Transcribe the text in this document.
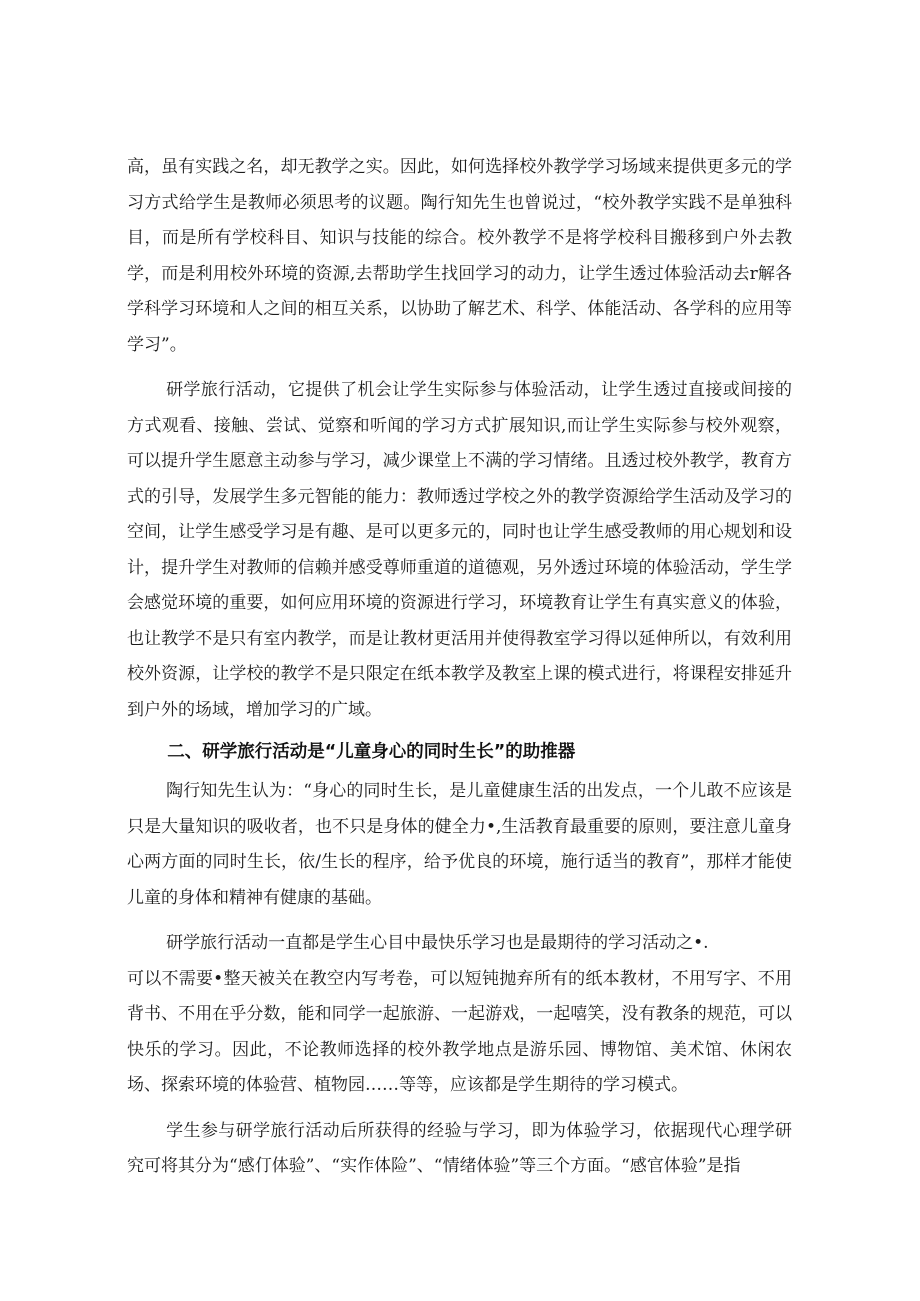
高，虽有实践之名，却无教学之实。因此，如何选择校外教学学习场域来提供更多元的学习方式给学生是教师必须思考的议题。陶行知先生也曾说过，“校外教学实践不是单独科目，而是所有学校科目、知识与技能的综合。校外教学不是将学校科目搬移到户外去教学，而是利用校外环境的资源,去帮助学生找回学习的动力，让学生透过体验活动去r解各学科学习环境和人之间的相互关系，以协助了解艺术、科学、体能活动、各学科的应用等学习”。

研学旅行活动，它提供了机会让学生实际参与体验活动，让学生透过直接或间接的方式观看、接触、尝试、觉察和听闻的学习方式扩展知识,而让学生实际参与校外观察，可以提升学生愿意主动参与学习，减少课堂上不满的学习情绪。且透过校外教学，教育方式的引导，发展学生多元智能的能力：教师透过学校之外的教学资源给学生活动及学习的空间，让学生感受学习是有趣、是可以更多元的，同时也让学生感受教师的用心规划和设计，提升学生对教师的信赖并感受尊师重道的道德观，另外透过环境的体验活动，学生学会感觉环境的重要，如何应用环境的资源进行学习，环境教育让学生有真实意义的体验，也让教学不是只有室内教学，而是让教材更活用并使得教室学习得以延伸所以，有效利用校外资源，让学校的教学不是只限定在纸本教学及教室上课的模式进行，将课程安排延升到户外的场域，增加学习的广域。

二、研学旅行活动是“儿童身心的同时生长”的助推器

陶行知先生认为：“身心的同时生长，是儿童健康生活的出发点，一个儿敢不应该是只是大量知识的吸收者，也不只是身体的健全力•,生活教育最重要的原则，要注意儿童身心两方面的同时生长，依/生长的程序，给予优良的环境，施行适当的教育”，那样才能使儿童的身体和精神有健康的基础。

研学旅行活动一直都是学生心目中最快乐学习也是最期待的学习活动之•.

可以不需要•整天被关在教空内写考卷，可以短钝抛弃所有的纸本教材，不用写字、不用背书、不用在乎分数，能和同学一起旅游、一起游戏，一起嘻笑，没有教条的规范，可以快乐的学习。因此，不论教师选择的校外教学地点是游乐园、博物馆、美术馆、休闲农场、探索环境的体验营、植物园……等等，应该都是学生期待的学习模式。

学生参与研学旅行活动后所获得的经验与学习，即为体验学习，依据现代心理学研究可将其分为“感仃体验”、“实作体险”、“情绪体验”等三个方面。“感官体验”是指
